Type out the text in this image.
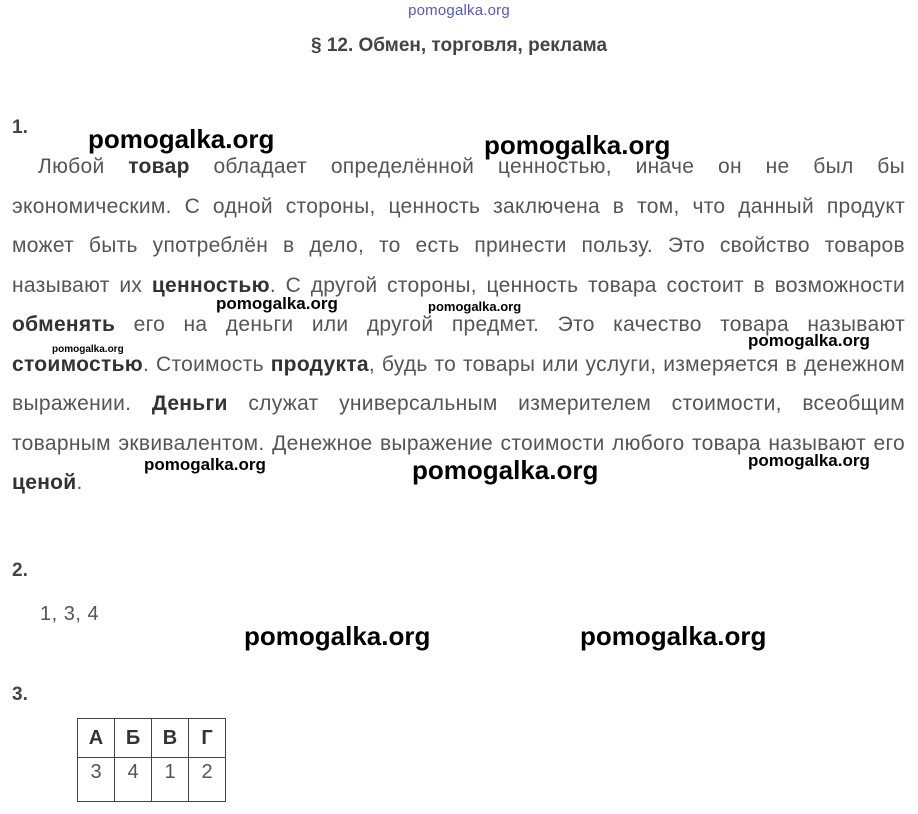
pomogalka.org
§ 12. Обмен, торговля, реклама
1.
Любой товар обладает определённой ценностью, иначе он не был бы экономическим. С одной стороны, ценность заключена в том, что данный продукт может быть употреблён в дело, то есть принести пользу. Это свойство товаров называют их ценностью. С другой стороны, ценность товара состоит в возможности обменять его на деньги или другой предмет. Это качество товара называют стоимостью. Стоимость продукта, будь то товары или услуги, измеряется в денежном выражении. Деньги служат универсальным измерителем стоимости, всеобщим товарным эквивалентом. Денежное выражение стоимости любого товара называют его ценой.
2.
1, 3, 4
3.
А	Б	В	Г
3	4	1	2
pomogalka.org	pomogalka.org
pomogalka.org	pomogalka.org
pomogalka.org	pomogalka.org
pomogalka.org	pomogalka.org	pomogalka.org
pomogalka.org	pomogalka.org
